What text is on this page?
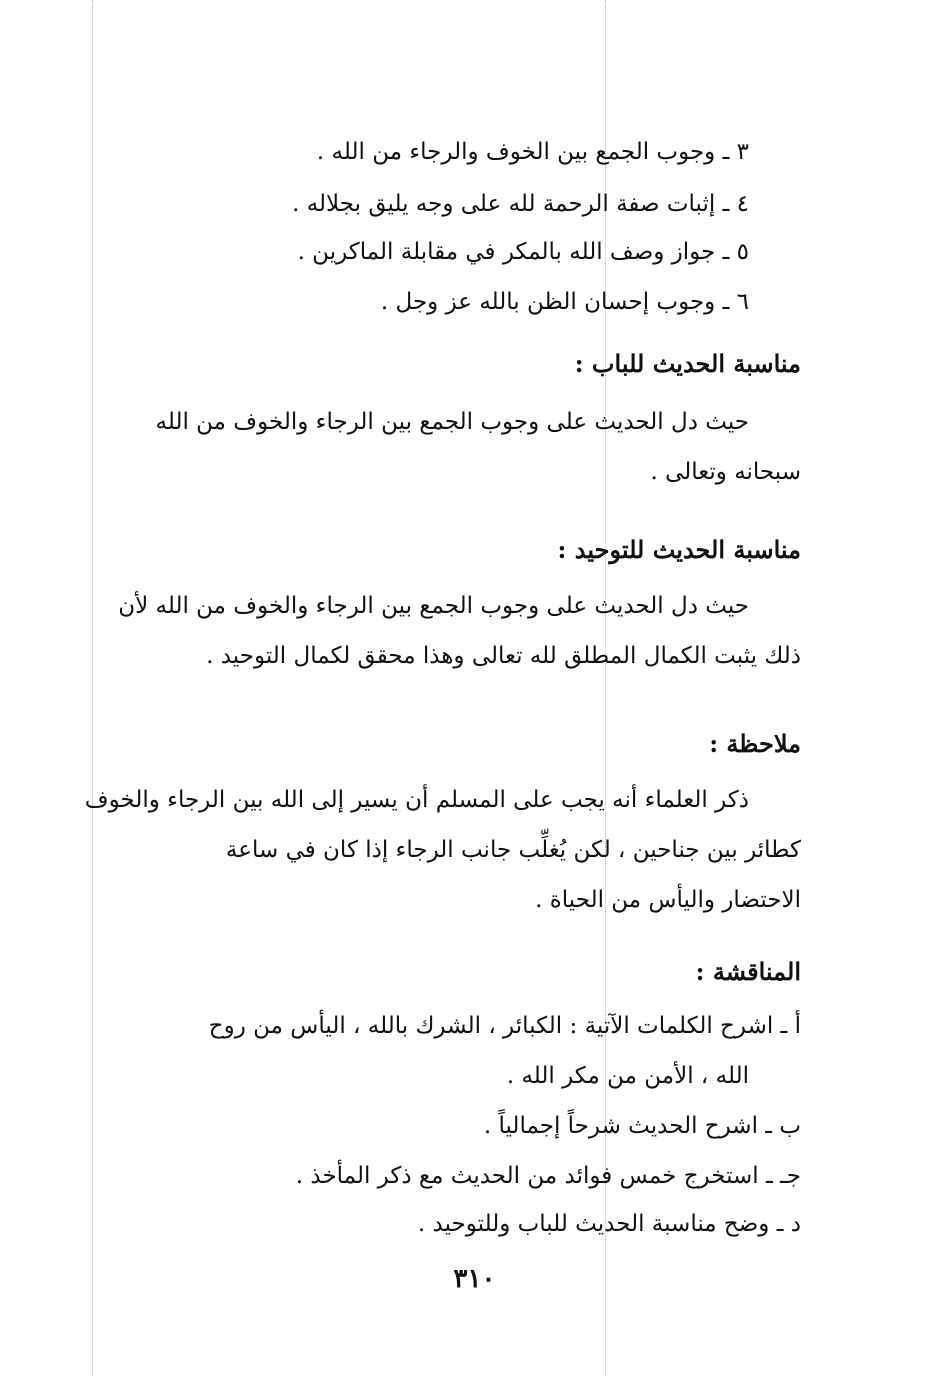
٣ ـ وجوب الجمع بين الخوف والرجاء من الله .

٤ ـ إثبات صفة الرحمة لله على وجه يليق بجلاله .

٥ ـ جواز وصف الله بالمكر في مقابلة الماكرين .

٦ ـ وجوب إحسان الظن بالله عز وجل .

مناسبة الحديث للباب :

حيث دل الحديث على وجوب الجمع بين الرجاء والخوف من الله

سبحانه وتعالى .

مناسبة الحديث للتوحيد :

حيث دل الحديث على وجوب الجمع بين الرجاء والخوف من الله لأن

ذلك يثبت الكمال المطلق لله تعالى وهذا محقق لكمال التوحيد .

ملاحظة :

ذكر العلماء أنه يجب على المسلم أن يسير إلى الله بين الرجاء والخوف

كطائر بين جناحين ، لكن يُغلِّب جانب الرجاء إذا كان في ساعة

الاحتضار واليأس من الحياة .

المناقشة :

أ ـ اشرح الكلمات الآتية : الكبائر ، الشرك بالله ، اليأس من روح

الله ، الأمن من مكر الله .

ب ـ اشرح الحديث شرحاً إجمالياً .

جـ ـ استخرج خمس فوائد من الحديث مع ذكر المأخذ .

د ـ وضح مناسبة الحديث للباب وللتوحيد .

٣١٠
